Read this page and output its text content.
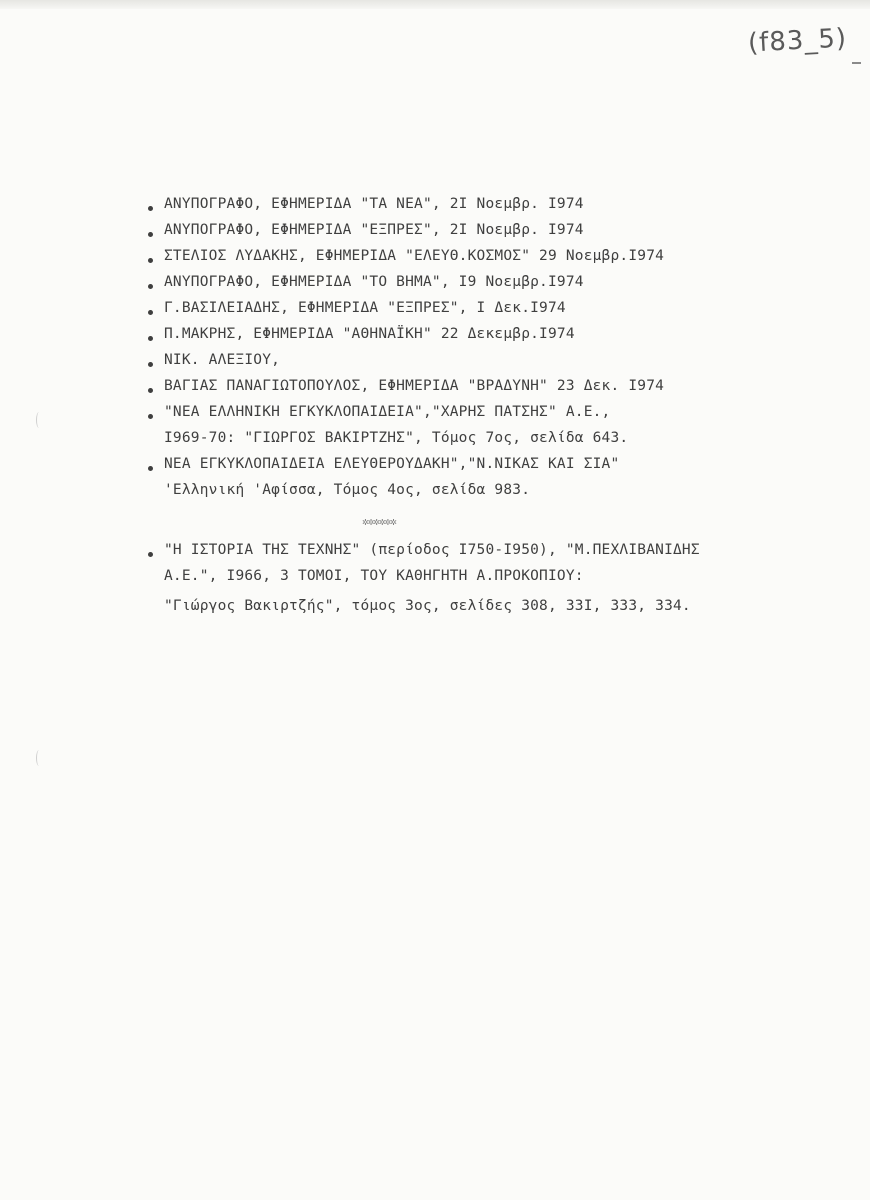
(f83_5)

ΑΝΥΠΟΓΡΑΦΟ, ΕΦΗΜΕΡΙΔΑ "ΤΑ ΝΕΑ", 2Ι Νοεμβρ. Ι974

ΑΝΥΠΟΓΡΑΦΟ, ΕΦΗΜΕΡΙΔΑ "ΕΞΠΡΕΣ", 2Ι Νοεμβρ. Ι974

ΣΤΕΛΙΟΣ ΛΥΔΑΚΗΣ, ΕΦΗΜΕΡΙΔΑ "ΕΛΕΥΘ.ΚΟΣΜΟΣ" 29 Νοεμβρ.Ι974

ΑΝΥΠΟΓΡΑΦΟ, ΕΦΗΜΕΡΙΔΑ "ΤΟ ΒΗΜΑ", Ι9 Νοεμβρ.Ι974

Γ.ΒΑΣΙΛΕΙΑΔΗΣ, ΕΦΗΜΕΡΙΔΑ "ΕΞΠΡΕΣ", Ι Δεκ.Ι974

Π.ΜΑΚΡΗΣ, ΕΦΗΜΕΡΙΔΑ "ΑΘΗΝΑΪΚΗ" 22 Δεκεμβρ.Ι974

ΝΙΚ. ΑΛΕΞΙΟΥ,

ΒΑΓΙΑΣ ΠΑΝΑΓΙΩΤΟΠΟΥΛΟΣ, ΕΦΗΜΕΡΙΔΑ "ΒΡΑΔΥΝΗ" 23 Δεκ. Ι974

"ΝΕΑ ΕΛΛΗΝΙΚΗ ΕΓΚΥΚΛΟΠΑΙΔΕΙΑ","ΧΑΡΗΣ ΠΑΤΣΗΣ" Α.Ε.,

Ι969-70: "ΓΙΩΡΓΟΣ ΒΑΚΙΡΤΖΗΣ", Τόμος 7ος, σελίδα 643.

ΝΕΑ ΕΓΚΥΚΛΟΠΑΙΔΕΙΑ ΕΛΕΥΘΕΡΟΥΔΑΚΗ","Ν.ΝΙΚΑΣ ΚΑΙ ΣΙΑ"

'Ελληνική 'Αφίσσα, Τόμος 4ος, σελίδα 983.

✲✲✲✲✲✲

"Η ΙΣΤΟΡΙΑ ΤΗΣ ΤΕΧΝΗΣ" (περίοδος Ι750-Ι950), "Μ.ΠΕΧΛΙΒΑΝΙΔΗΣ

Α.Ε.", Ι966, 3 ΤΟΜΟΙ, ΤΟΥ ΚΑΘΗΓΗΤΗ Α.ΠΡΟΚΟΠΙΟΥ:

"Γιώργος Βακιρτζής", τόμος 3ος, σελίδες 308, 33Ι, 333, 334.
